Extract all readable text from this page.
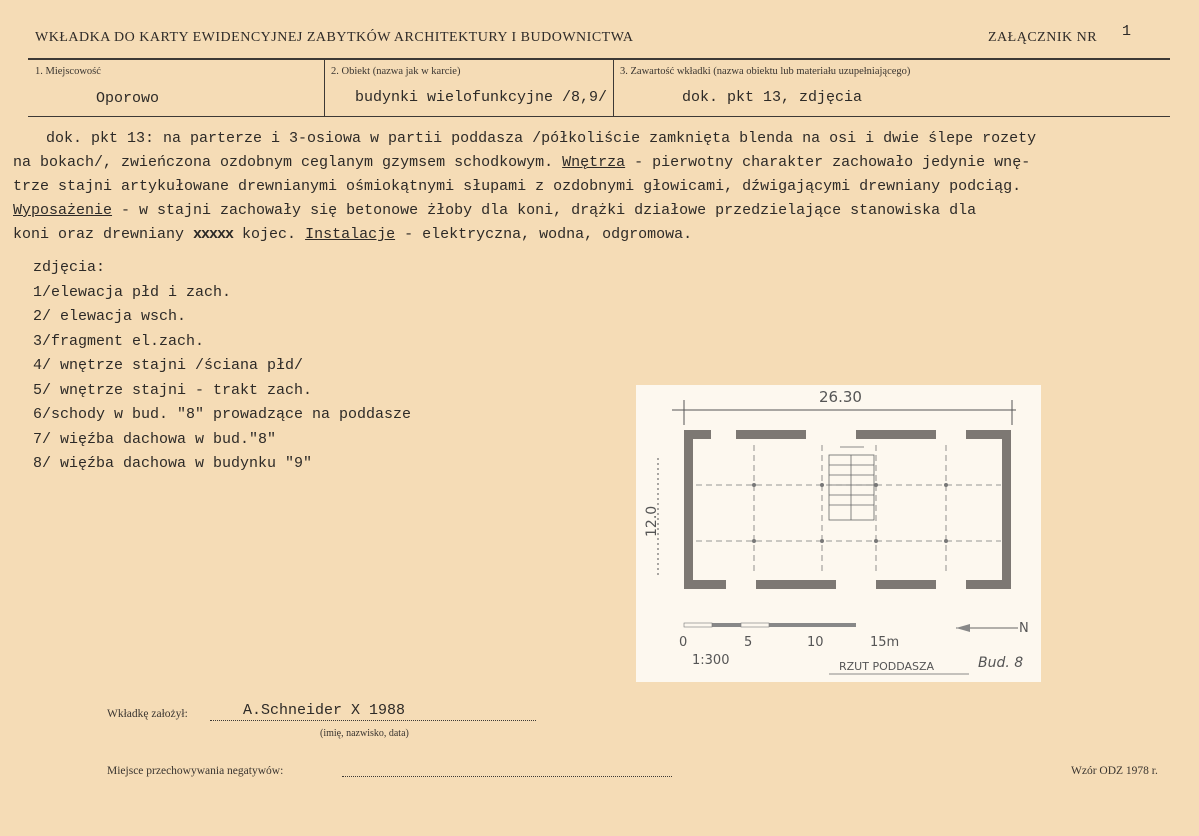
WKŁADKA DO KARTY EWIDENCYJNEJ ZABYTKÓW ARCHITEKTURY I BUDOWNICTWA	ZAŁĄCZNIK NR 1
1. Miejscowość
Oporowo
2. Obiekt (nazwa jak w karcie)
budynki wielofunkcyjne /8,9/
3. Zawartość wkładki (nazwa obiektu lub materiału uzupełniającego)
dok. pkt 13, zdjęcia
dok. pkt 13: na parterze i 3-osiowa w partii poddasza /półkoliście zamknięta blenda na osi i dwie ślepe rozety
na bokach/, zwieńczona ozdobnym ceglanym gzymsem schodkowym. Wnętrza - pierwotny charakter zachowało jedynie wnę-
trze stajni artykułowane drewnianymi ośmiokątnymi słupami z ozdobnymi głowicami, dźwigającymi drewniany podciąg.
Wyposażenie - w stajni zachowały się betonowe żłoby dla koni, drążki działowe przedzielające stanowiska dla
koni oraz drewniany xxxxx kojec. Instalacje - elektryczna, wodna, odgromowa.
zdjęcia:
1/elewacja płd i zach.
2/ elewacja wsch.
3/fragment el.zach.
4/ wnętrze stajni /ściana płd/
5/ wnętrze stajni - trakt zach.
6/schody w bud. "8" prowadzące na poddasze
7/ więźba dachowa w bud."8"
8/ więźba dachowa w budynku "9"
26.30
12.0
0	5	10	15m
1:300
N
RZUT PODDASZA	Bud. 8
Wkładkę założył:	A.Schneider X 1988
(imię, nazwisko, data)
Miejsce przechowywania negatywów:	Wzór ODZ 1978 r.
